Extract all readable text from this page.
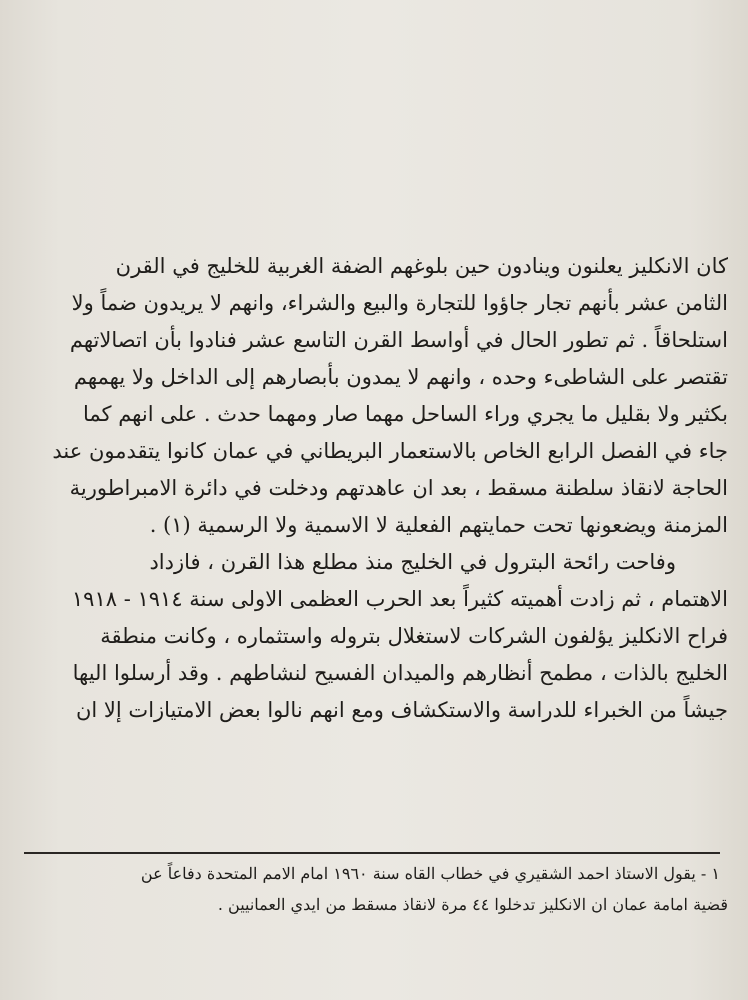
كان الانكليز يعلنون وينادون حين بلوغهم الضفة الغربية للخليج في القرن
الثامن عشر بأنهم تجار جاؤوا للتجارة والبيع والشراء، وانهم لا يريدون ضماً ولا
استلحاقاً . ثم تطور الحال في أواسط القرن التاسع عشر فنادوا بأن اتصالاتهم
تقتصر على الشاطىء وحده ، وانهم لا يمدون بأبصارهم إلى الداخل ولا يهمهم
بكثير ولا بقليل ما يجري وراء الساحل مهما صار ومهما حدث . على انهم كما
جاء في الفصل الرابع الخاص بالاستعمار البريطاني في عمان كانوا يتقدمون عند
الحاجة لانقاذ سلطنة مسقط ، بعد ان عاهدتهم ودخلت في دائرة الامبراطورية
المزمنة ويضعونها تحت حمايتهم الفعلية لا الاسمية ولا الرسمية (١) .
وفاحت رائحة البترول في الخليج منذ مطلع هذا القرن ، فازداد
الاهتمام ، ثم زادت أهميته كثيراً بعد الحرب العظمى الاولى سنة ١٩١٤ - ١٩١٨
فراح الانكليز يؤلفون الشركات لاستغلال بتروله واستثماره ، وكانت منطقة
الخليج بالذات ، مطمح أنظارهم والميدان الفسيح لنشاطهم . وقد أرسلوا اليها
جيشاً من الخبراء للدراسة والاستكشاف ومع انهم نالوا بعض الامتيازات إلا ان
١ - يقول الاستاذ احمد الشقيري في خطاب القاه سنة ١٩٦٠ امام الامم المتحدة دفاعاً عن
قضية امامة عمان ان الانكليز تدخلوا ٤٤ مرة لانقاذ مسقط من ايدي العمانيين .
